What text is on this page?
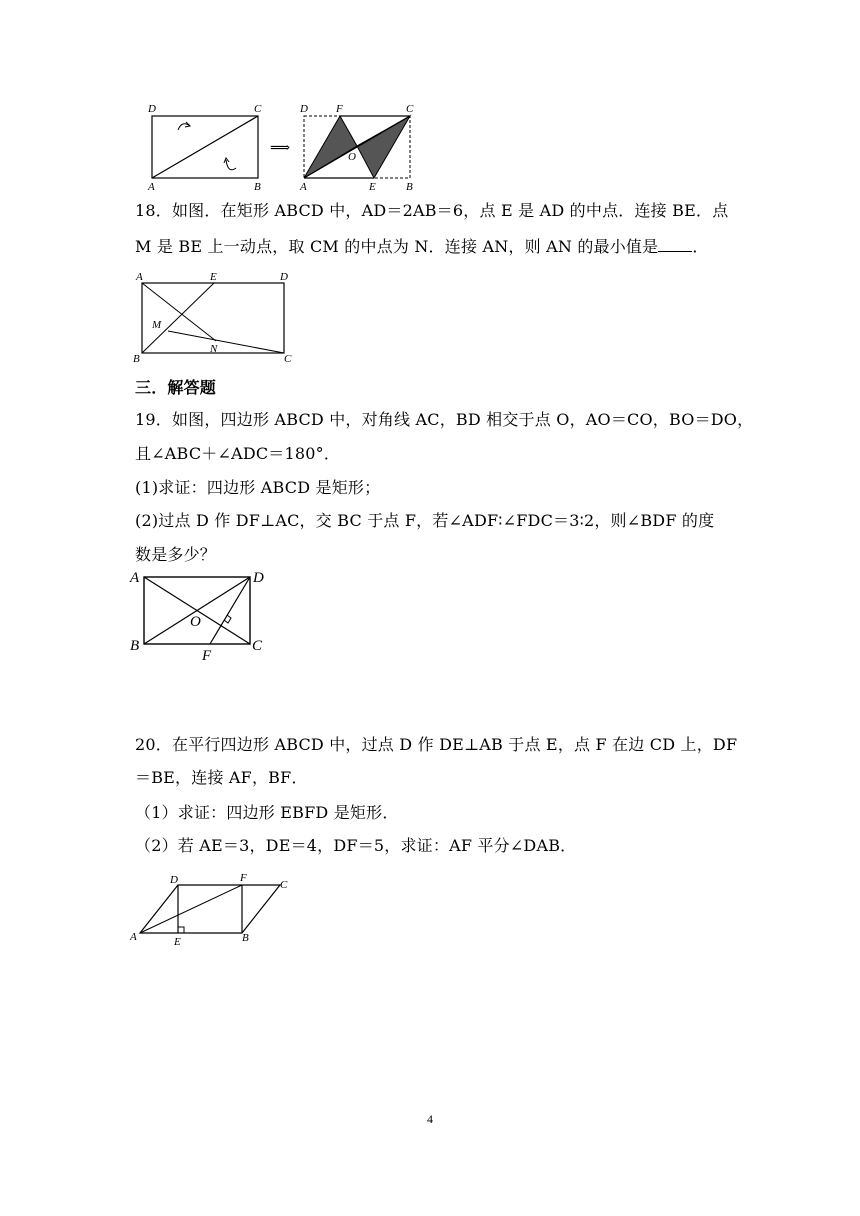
D	C
A	B
⟹
D	F	C
O
A	E	B
18．如图．在矩形 ABCD 中，AD＝2AB＝6，点 E 是 AD 的中点．连接 BE．点
M 是 BE 上一动点，取 CM 的中点为 N．连接 AN，则 AN 的最小值是 ．
A	E	D
M
B
N
C
三．解答题
19．如图，四边形 ABCD 中，对角线 AC，BD 相交于点 O，AO＝CO，BO＝DO，
且∠ABC＋∠ADC＝180°．
(1)求证：四边形 ABCD 是矩形；
(2)过点 D 作 DF⊥AC，交 BC 于点 F，若∠ADF∶∠FDC＝3∶2，则∠BDF 的度
数是多少？
A	D
O
B
F
C
20．在平行四边形 ABCD 中，过点 D 作 DE⊥AB 于点 E，点 F 在边 CD 上，DF
＝BE，连接 AF，BF．
（1）求证：四边形 EBFD 是矩形．
（2）若 AE＝3，DE＝4，DF＝5，求证：AF 平分∠DAB．
D	F
C
A	E	B
4
